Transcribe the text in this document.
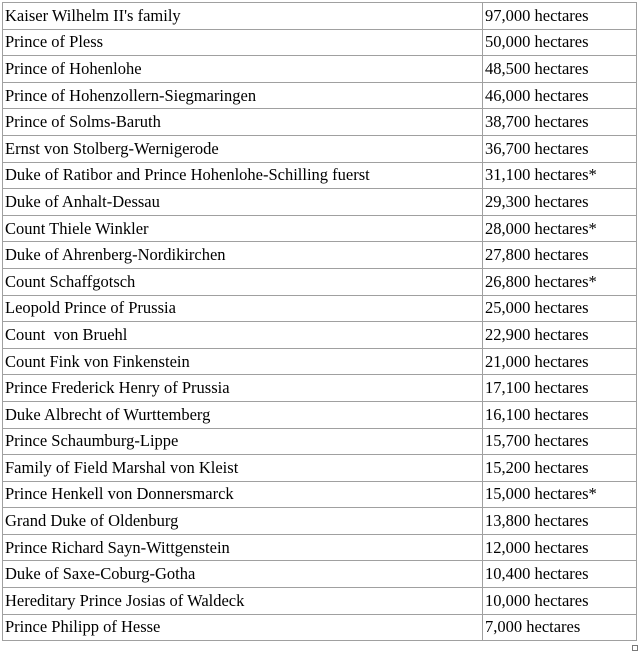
Kaiser Wilhelm II's family	97,000 hectares
Prince of Pless	50,000 hectares
Prince of Hohenlohe	48,500 hectares
Prince of Hohenzollern-Siegmaringen	46,000 hectares
Prince of Solms-Baruth	38,700 hectares
Ernst von Stolberg-Wernigerode	36,700 hectares
Duke of Ratibor and Prince Hohenlohe-Schilling fuerst	31,100 hectares*
Duke of Anhalt-Dessau	29,300 hectares
Count Thiele Winkler	28,000 hectares*
Duke of Ahrenberg-Nordikirchen	27,800 hectares
Count Schaffgotsch	26,800 hectares*
Leopold Prince of Prussia	25,000 hectares
Count  von Bruehl	22,900 hectares
Count Fink von Finkenstein	21,000 hectares
Prince Frederick Henry of Prussia	17,100 hectares
Duke Albrecht of Wurttemberg	16,100 hectares
Prince Schaumburg-Lippe	15,700 hectares
Family of Field Marshal von Kleist	15,200 hectares
Prince Henkell von Donnersmarck	15,000 hectares*
Grand Duke of Oldenburg	13,800 hectares
Prince Richard Sayn-Wittgenstein	12,000 hectares
Duke of Saxe-Coburg-Gotha	10,400 hectares
Hereditary Prince Josias of Waldeck	10,000 hectares
Prince Philipp of Hesse	7,000 hectares
